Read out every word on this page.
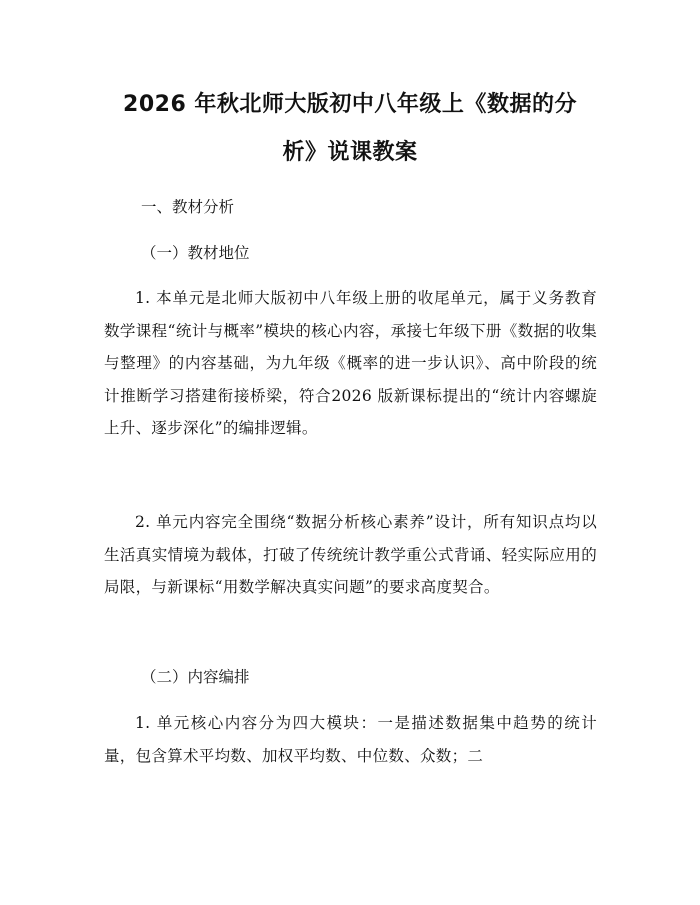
2026 年秋北师大版初中八年级上《数据的分
析》说课教案

一、教材分析

（一）教材地位

1. 本单元是北师大版初中八年级上册的收尾单元，属于义务教育数学课程“统计与概率”模块的核心内容，承接七年级下册《数据的收集与整理》的内容基础，为九年级《概率的进一步认识》、高中阶段的统计推断学习搭建衔接桥梁，符合2026 版新课标提出的“统计内容螺旋上升、逐步深化”的编排逻辑。

2. 单元内容完全围绕“数据分析核心素养”设计，所有知识点均以生活真实情境为载体，打破了传统统计教学重公式背诵、轻实际应用的局限，与新课标“用数学解决真实问题”的要求高度契合。

（二）内容编排

1. 单元核心内容分为四大模块：一是描述数据集中趋势的统计量，包含算术平均数、加权平均数、中位数、众数；二
